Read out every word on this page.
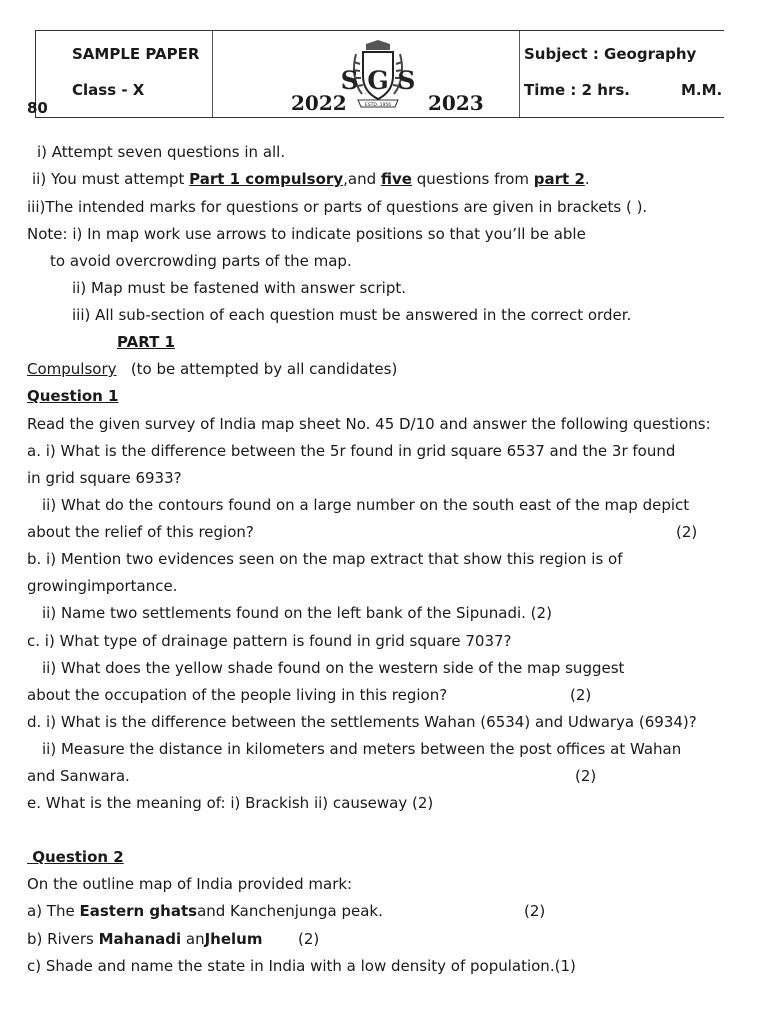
SAMPLE PAPER
Class - X
80	2022	2023
S G S
ESTD. 1956
Subject : Geography
Time : 2 hrs.	M.M.
i) Attempt seven questions in all.
ii) You must attempt Part 1 compulsory,and five questions from part 2.
iii)The intended marks for questions or parts of questions are given in brackets ( ).
Note: i) In map work use arrows to indicate positions so that you’ll be able
to avoid overcrowding parts of the map.
ii) Map must be fastened with answer script.
iii) All sub-section of each question must be answered in the correct order.
PART 1
Compulsory (to be attempted by all candidates)
Question 1
Read the given survey of India map sheet No. 45 D/10 and answer the following questions:
a. i) What is the difference between the 5r found in grid square 6537 and the 3r found
in grid square 6933?
ii) What do the contours found on a large number on the south east of the map depict
about the relief of this region?	(2)
b. i) Mention two evidences seen on the map extract that show this region is of
growingimportance.
ii) Name two settlements found on the left bank of the Sipunadi. (2)
c. i) What type of drainage pattern is found in grid square 7037?
ii) What does the yellow shade found on the western side of the map suggest
about the occupation of the people living in this region?	(2)
d. i) What is the difference between the settlements Wahan (6534) and Udwarya (6934)?
ii) Measure the distance in kilometers and meters between the post offices at Wahan
and Sanwara.	(2)
e. What is the meaning of: i) Brackish ii) causeway (2)
Question 2
On the outline map of India provided mark:
a) The Eastern ghatsand Kanchenjunga peak.	(2)
b) Rivers Mahanadi anJhelum (2)
c) Shade and name the state in India with a low density of population.(1)
